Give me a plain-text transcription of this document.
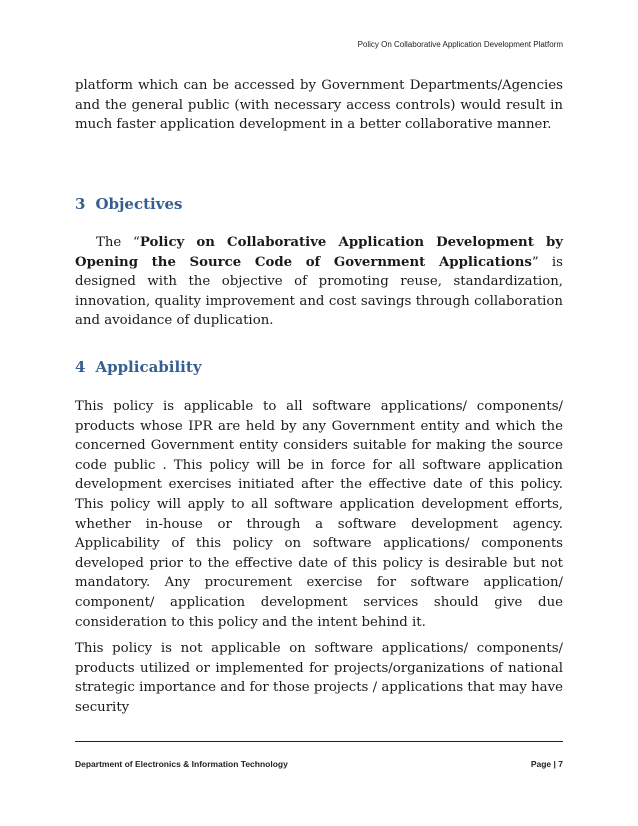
Policy On Collaborative Application Development Platform

platform which can be accessed by Government Departments/Agencies and the general public (with necessary access controls) would result in much faster application development in a better collaborative manner.

3 Objectives

The “Policy on Collaborative Application Development by Opening the Source Code of Government Applications” is designed with the objective of promoting reuse, standardization, innovation, quality improvement and cost savings through collaboration and avoidance of duplication.

4 Applicability

This policy is applicable to all software applications/ components/ products whose IPR are held by any Government entity and which the concerned Government entity considers suitable for making the source code public . This policy will be in force for all software application development exercises initiated after the effective date of this policy. This policy will apply to all software application development efforts, whether in-house or through a software development agency. Applicability of this policy on software applications/ components developed prior to the effective date of this policy is desirable but not mandatory. Any procurement exercise for software application/ component/ application development services should give due consideration to this policy and the intent behind it.

This policy is not applicable on software applications/ components/ products utilized or implemented for projects/organizations of national strategic importance and for those projects / applications that may have security

Department of Electronics & Information Technology	Page | 7
